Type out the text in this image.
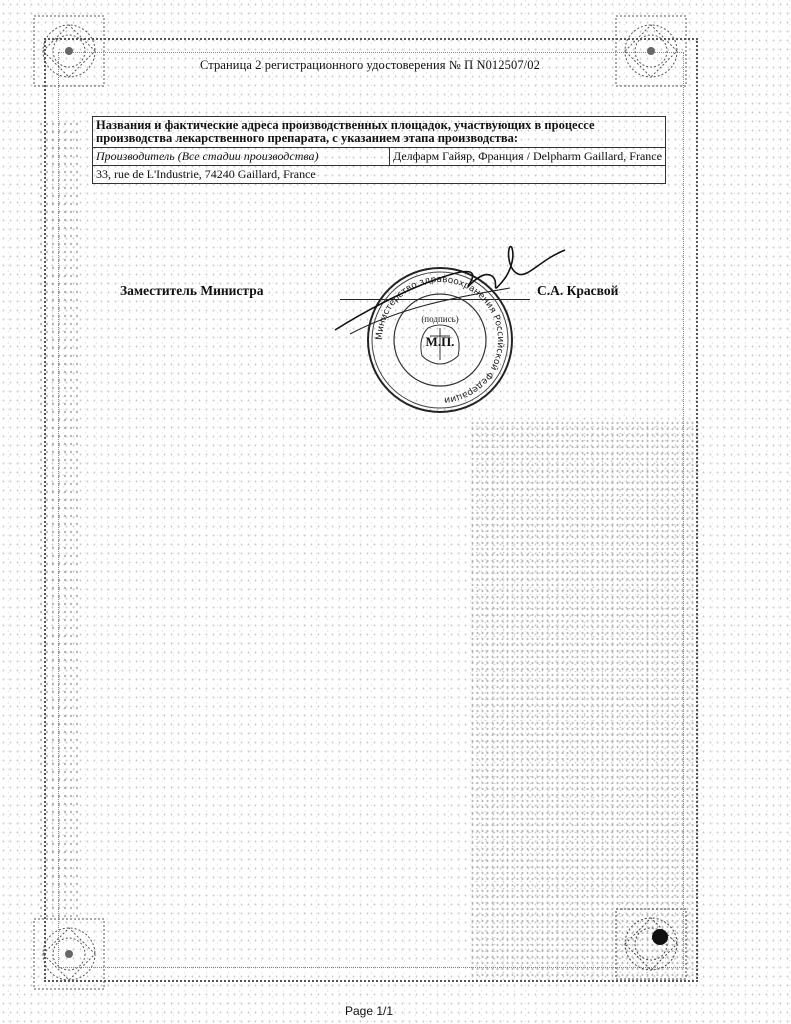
Страница 2 регистрационного удостоверения № П N012507/02
Названия и фактические адреса производственных площадок, участвующих в процессе производства лекарственного препарата, с указанием этапа производства:
Производитель (Все стадии производства)	Делфарм Гайяр, Франция / Delpharm Gaillard, France
33, rue de L'Industrie, 74240 Gaillard, France
Заместитель Министра	С.А. Красвой
Министерство здравоохранения Российской Федерации
(подпись)
М.П.
Page 1/1
